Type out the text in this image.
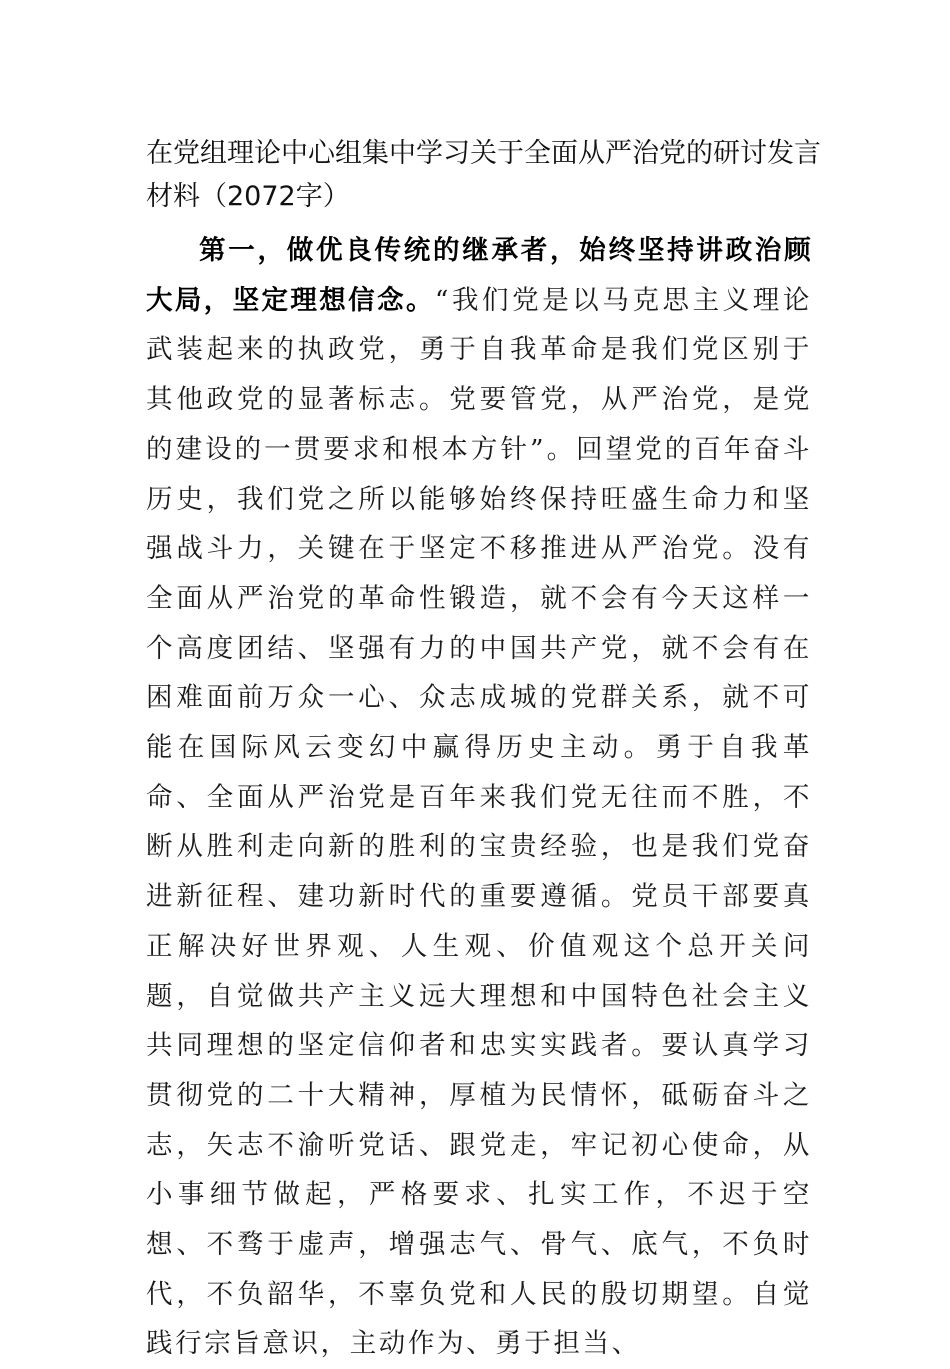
在党组理论中心组集中学习关于全面从严治党的研讨发言材料（2072字）

第一，做优良传统的继承者，始终坚持讲政治顾大局，坚定理想信念。“我们党是以马克思主义理论武装起来的执政党，勇于自我革命是我们党区别于其他政党的显著标志。党要管党，从严治党，是党的建设的一贯要求和根本方针”。回望党的百年奋斗历史，我们党之所以能够始终保持旺盛生命力和坚强战斗力，关键在于坚定不移推进从严治党。没有全面从严治党的革命性锻造，就不会有今天这样一个高度团结、坚强有力的中国共产党，就不会有在困难面前万众一心、众志成城的党群关系，就不可能在国际风云变幻中赢得历史主动。勇于自我革命、全面从严治党是百年来我们党无往而不胜，不断从胜利走向新的胜利的宝贵经验，也是我们党奋进新征程、建功新时代的重要遵循。党员干部要真正解决好世界观、人生观、价值观这个总开关问题，自觉做共产主义远大理想和中国特色社会主义共同理想的坚定信仰者和忠实实践者。要认真学习贯彻党的二十大精神，厚植为民情怀，砥砺奋斗之志，矢志不渝听党话、跟党走，牢记初心使命，从小事细节做起，严格要求、扎实工作，不迟于空想、不骛于虚声，增强志气、骨气、底气，不负时代，不负韶华，不辜负党和人民的殷切期望。自觉践行宗旨意识，主动作为、勇于担当、
